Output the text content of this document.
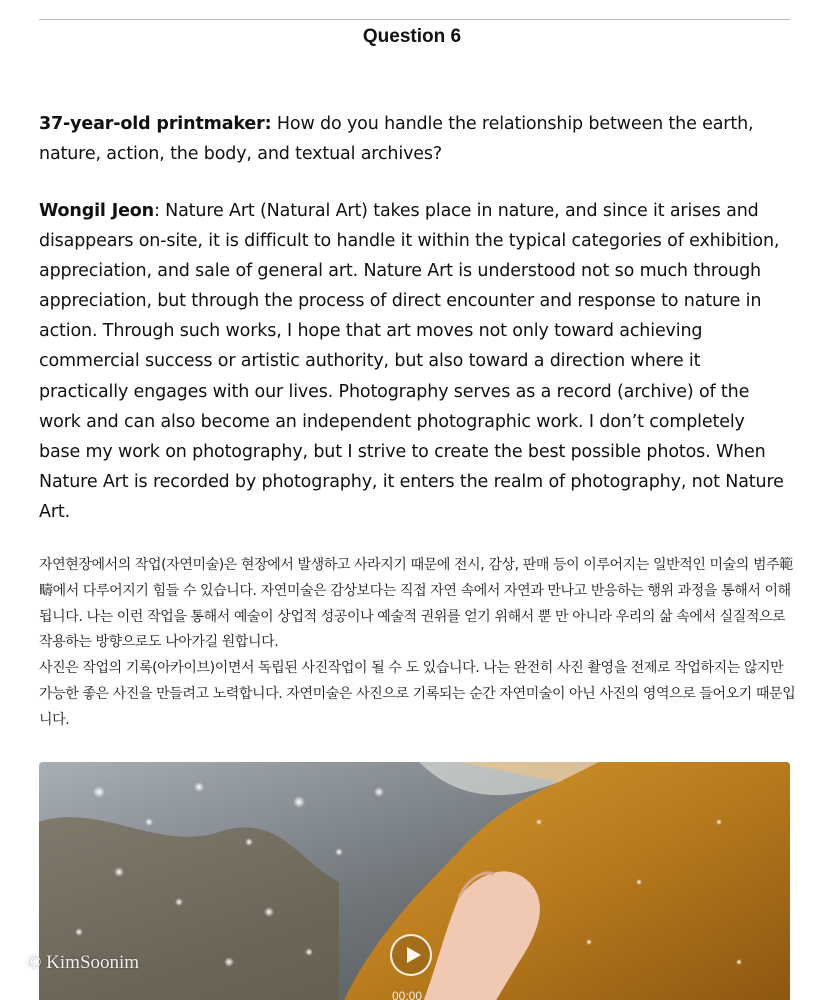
Question 6
37-year-old printmaker: How do you handle the relationship between the earth, nature, action, the body, and textual archives?
Wongil Jeon: Nature Art (Natural Art) takes place in nature, and since it arises and disappears on-site, it is difficult to handle it within the typical categories of exhibition, appreciation, and sale of general art. Nature Art is understood not so much through appreciation, but through the process of direct encounter and response to nature in action. Through such works, I hope that art moves not only toward achieving commercial success or artistic authority, but also toward a direction where it practically engages with our lives. Photography serves as a record (archive) of the work and can also become an independent photographic work. I don’t completely base my work on photography, but I strive to create the best possible photos. When Nature Art is recorded by photography, it enters the realm of photography, not Nature Art.

자연현장에서의 작업(자연미술)은 현장에서 발생하고 사라지기 때문에 전시, 감상, 판매 등이 이루어지는 일반적인 미술의 범주範疇에서 다루어지기 힘들 수 있습니다. 자연미술은 감상보다는 직접 자연 속에서 자연과 만나고 반응하는 행위 과정을 통해서 이해됩니다. 나는 이런 작업을 통해서 예술이 상업적 성공이나 예술적 권위를 얻기 위해서 뿐 만 아니라 우리의 삶 속에서 실질적으로 작용하는 방향으로도 나아가길 원합니다.

사진은 작업의 기록(아카이브)이면서 독립된 사진작업이 될 수 도 있습니다. 나는 완전히 사진 촬영을 전제로 작업하지는 않지만 가능한 좋은 사진을 만들려고 노력합니다. 자연미술은 사진으로 기록되는 순간 자연미술이 아닌 사진의 영역으로 들어오기 때문입니다.

00:00
© KimSoonim
